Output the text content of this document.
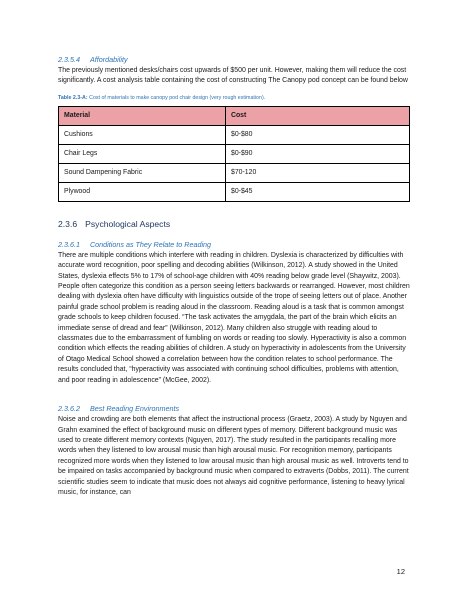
2.3.5.4 Affordability

The previously mentioned desks/chairs cost upwards of $500 per unit. However, making them will reduce the cost significantly. A cost analysis table containing the cost of constructing The Canopy pod concept can be found below

Table 2.3-A: Cost of materials to make canopy pod chair design (very rough estimation).
Material	Cost
Cushions	$0-$80
Chair Legs	$0-$90
Sound Dampening Fabric	$70-120
Plywood	$0-$45
2.3.6 Psychological Aspects
2.3.6.1 Conditions as They Relate to Reading

There are multiple conditions which interfere with reading in children. Dyslexia is characterized by difficulties with accurate word recognition, poor spelling and decoding abilities (Wilkinson, 2012). A study showed in the United States, dyslexia effects 5% to 17% of school-age children with 40% reading below grade level (Shaywitz, 2003). People often categorize this condition as a person seeing letters backwards or rearranged. However, most children dealing with dyslexia often have difficulty with linguistics outside of the trope of seeing letters out of place. Another painful grade school problem is reading aloud in the classroom. Reading aloud is a task that is common amongst grade schools to keep children focused. “The task activates the amygdala, the part of the brain which elicits an immediate sense of dread and fear” (Wilkinson, 2012). Many children also struggle with reading aloud to classmates due to the embarrassment of fumbling on words or reading too slowly. Hyperactivity is also a common condition which effects the reading abilities of children. A study on hyperactivity in adolescents from the University of Otago Medical School showed a correlation between how the condition relates to school performance. The results concluded that, “hyperactivity was associated with continuing school difficulties, problems with attention, and poor reading in adolescence” (McGee, 2002).

2.3.6.2 Best Reading Environments

Noise and crowding are both elements that affect the instructional process (Graetz, 2003). A study by Nguyen and Grahn examined the effect of background music on different types of memory. Different background music was used to create different memory contexts (Nguyen, 2017). The study resulted in the participants recalling more words when they listened to low arousal music than high arousal music. For recognition memory, participants recognized more words when they listened to low arousal music than high arousal music as well. Introverts tend to be impaired on tasks accompanied by background music when compared to extraverts (Dobbs, 2011). The current scientific studies seem to indicate that music does not always aid cognitive performance, listening to heavy lyrical music, for instance, can

12
